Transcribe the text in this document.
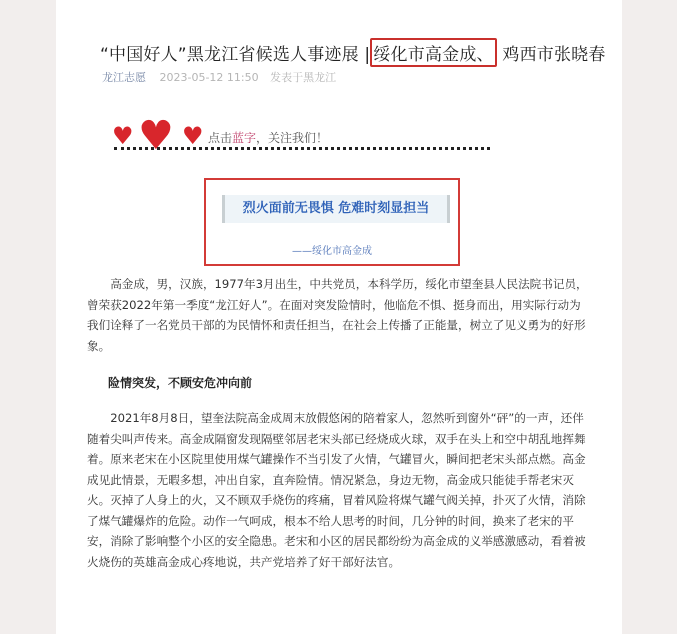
“中国好人”黑龙江省候选人事迹展 | 绥化市高金成、 鸡西市张晓春
龙江志愿 2023-05-12 11:50 发表于黑龙江
♥ ♥ ♥ 点击蓝字，关注我们！
烈火面前无畏惧 危难时刻显担当
——绥化市高金成
　　高金成，男，汉族，1977年3月出生，中共党员，本科学历，绥化市望奎县人民法院书记员，
曾荣获2022年第一季度“龙江好人”。在面对突发险情时，他临危不惧、挺身而出，用实际行动为
我们诠释了一名党员干部的为民情怀和责任担当，在社会上传播了正能量，树立了见义勇为的好形
象。
险情突发，不顾安危冲向前
　　2021年8月8日，望奎法院高金成周末放假悠闲的陪着家人，忽然听到窗外“砰”的一声，还伴
随着尖叫声传来。高金成隔窗发现隔壁邻居老宋头部已经烧成火球，双手在头上和空中胡乱地挥舞
着。原来老宋在小区院里使用煤气罐操作不当引发了火情，气罐冒火，瞬间把老宋头部点燃。高金
成见此情景，无暇多想，冲出自家，直奔险情。情况紧急，身边无物，高金成只能徒手帮老宋灭
火。灭掉了人身上的火，又不顾双手烧伤的疼痛，冒着风险将煤气罐气阀关掉，扑灭了火情，消除
了煤气罐爆炸的危险。动作一气呵成，根本不给人思考的时间，几分钟的时间，换来了老宋的平
安，消除了影响整个小区的安全隐患。老宋和小区的居民都纷纷为高金成的义举感激感动，看着被
火烧伤的英雄高金成心疼地说，共产党培养了好干部好法官。
